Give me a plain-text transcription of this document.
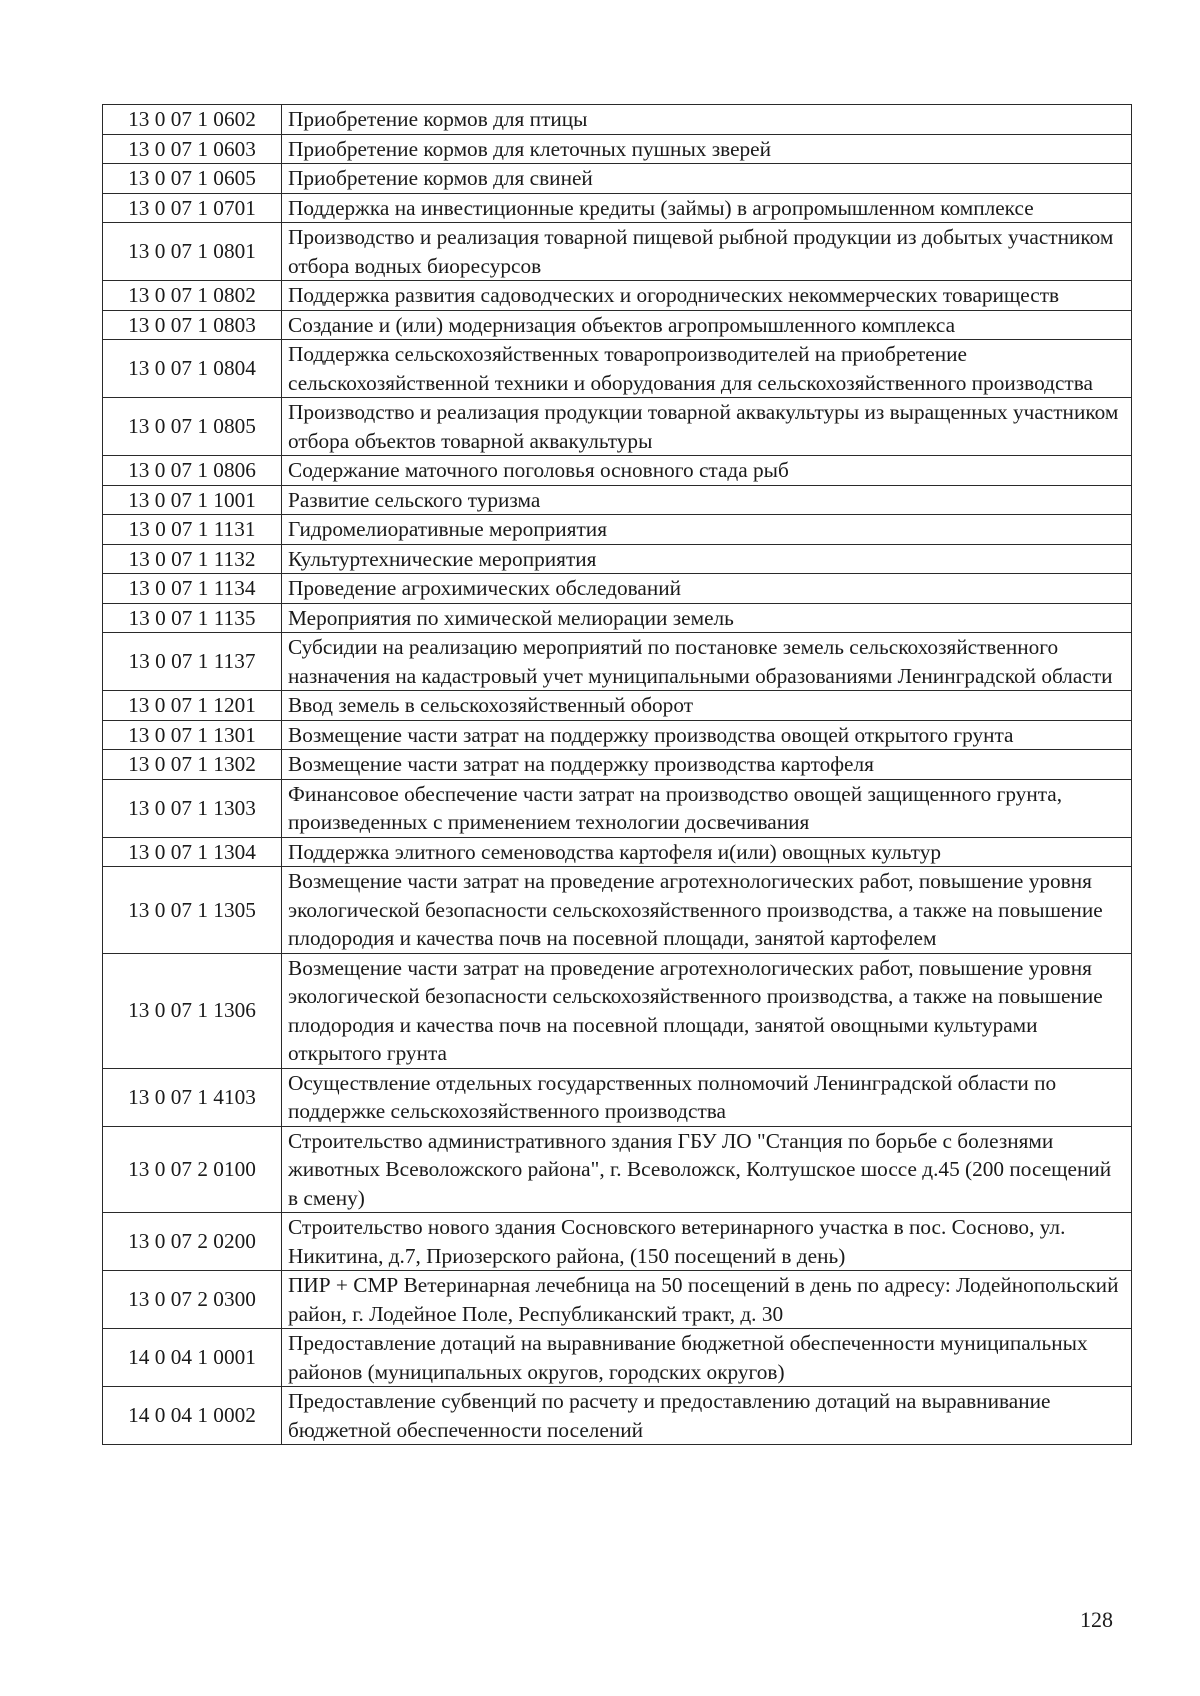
13 0 07 1 0602	Приобретение кормов для птицы
13 0 07 1 0603	Приобретение кормов для клеточных пушных зверей
13 0 07 1 0605	Приобретение кормов для свиней
13 0 07 1 0701	Поддержка на инвестиционные кредиты (займы) в агропромышленном комплексе
13 0 07 1 0801	Производство и реализация товарной пищевой рыбной продукции из добытых участником отбора водных биоресурсов
13 0 07 1 0802	Поддержка развития садоводческих и огороднических некоммерческих товариществ
13 0 07 1 0803	Создание и (или) модернизация объектов агропромышленного комплекса
13 0 07 1 0804	Поддержка сельскохозяйственных товаропроизводителей на приобретение сельскохозяйственной техники и оборудования для сельскохозяйственного производства
13 0 07 1 0805	Производство и реализация продукции товарной аквакультуры из выращенных участником отбора объектов товарной аквакультуры
13 0 07 1 0806	Содержание маточного поголовья основного стада рыб
13 0 07 1 1001	Развитие сельского туризма
13 0 07 1 1131	Гидромелиоративные мероприятия
13 0 07 1 1132	Культуртехнические мероприятия
13 0 07 1 1134	Проведение агрохимических обследований
13 0 07 1 1135	Мероприятия по химической мелиорации земель
13 0 07 1 1137	Субсидии на реализацию мероприятий по постановке земель сельскохозяйственного назначения на кадастровый учет муниципальными образованиями Ленинградской области
13 0 07 1 1201	Ввод земель в сельскохозяйственный оборот
13 0 07 1 1301	Возмещение части затрат на поддержку производства овощей открытого грунта
13 0 07 1 1302	Возмещение части затрат на поддержку производства картофеля
13 0 07 1 1303	Финансовое обеспечение части затрат на производство овощей защищенного грунта, произведенных с применением технологии досвечивания
13 0 07 1 1304	Поддержка элитного семеноводства картофеля и(или) овощных культур
13 0 07 1 1305	Возмещение части затрат на проведение агротехнологических работ, повышение уровня экологической безопасности сельскохозяйственного производства, а также на повышение плодородия и качества почв на посевной площади, занятой картофелем
13 0 07 1 1306	Возмещение части затрат на проведение агротехнологических работ, повышение уровня экологической безопасности сельскохозяйственного производства, а также на повышение плодородия и качества почв на посевной площади, занятой овощными культурами открытого грунта
13 0 07 1 4103	Осуществление отдельных государственных полномочий Ленинградской области по поддержке сельскохозяйственного производства
13 0 07 2 0100	Строительство административного здания ГБУ ЛО "Станция по борьбе с болезнями животных Всеволожского района", г. Всеволожск, Колтушское шоссе д.45 (200 посещений в смену)
13 0 07 2 0200	Строительство нового здания Сосновского ветеринарного участка в пос. Сосново, ул. Никитина, д.7, Приозерского района, (150 посещений в день)
13 0 07 2 0300	ПИР + СМР Ветеринарная лечебница на 50 посещений в день по адресу: Лодейнопольский район, г. Лодейное Поле, Республиканский тракт, д. 30
14 0 04 1 0001	Предоставление дотаций на выравнивание бюджетной обеспеченности муниципальных районов (муниципальных округов, городских округов)
14 0 04 1 0002	Предоставление субвенций по расчету и предоставлению дотаций на выравнивание бюджетной обеспеченности поселений
128
